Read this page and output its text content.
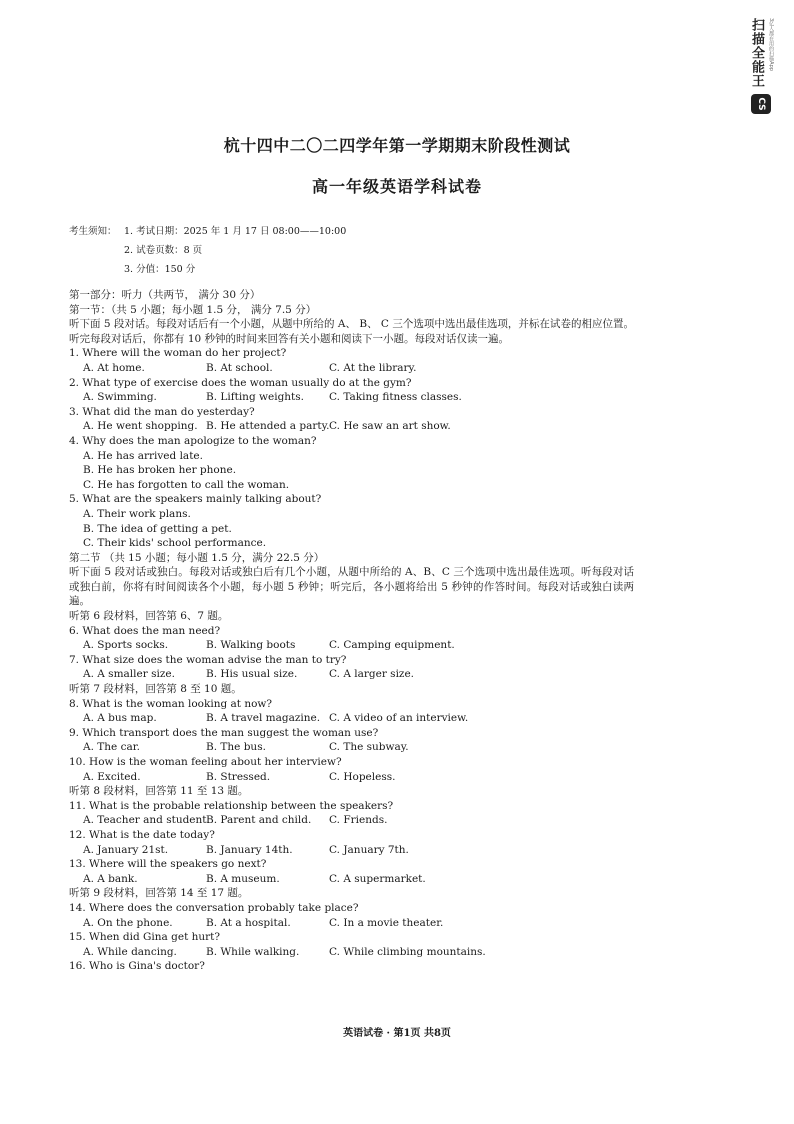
扫描全能王 3亿人都在用的扫描App
CS
杭十四中二〇二四学年第一学期期末阶段性测试
高一年级英语学科试卷
考生须知： 1. 考试日期：2025 年 1 月 17 日 08:00——10:00
2. 试卷页数：8 页
3. 分值：150 分
第一部分：听力（共两节， 满分 30 分）
第一节：（共 5 小题；每小题 1.5 分， 满分 7.5 分）
听下面 5 段对话。每段对话后有一个小题，从题中所给的 A、 B、 C 三个选项中选出最佳选项，并标在试卷的相应位置。听完每段对话后，你都有 10 秒钟的时间来回答有关小题和阅读下一小题。每段对话仅读一遍。
1. Where will the woman do her project?
A. At home.	B. At school.	C. At the library.
2. What type of exercise does the woman usually do at the gym?
A. Swimming.	B. Lifting weights.	C. Taking fitness classes.
3. What did the man do yesterday?
A. He went shopping. B. He attended a party. C. He saw an art show.
4. Why does the man apologize to the woman?
A. He has arrived late.
B. He has broken her phone.
C. He has forgotten to call the woman.
5. What are the speakers mainly talking about?
A. Their work plans.
B. The idea of getting a pet.
C. Their kids' school performance.
第二节 （共 15 小题；每小题 1.5 分，满分 22.5 分）
听下面 5 段对话或独白。每段对话或独白后有几个小题，从题中所给的 A、B、C 三个选项中选出最佳选项。听每段对话或独白前，你将有时间阅读各个小题，每小题 5 秒钟；听完后，各小题将给出 5 秒钟的作答时间。每段对话或独白读两遍。
听第 6 段材料，回答第 6、7 题。
6. What does the man need?
A. Sports socks.	B. Walking boots	C. Camping equipment.
7. What size does the woman advise the man to try?
A. A smaller size.	B. His usual size.	C. A larger size.
听第 7 段材料，回答第 8 至 10 题。
8. What is the woman looking at now?
A. A bus map.	B. A travel magazine. C. A video of an interview.
9. Which transport does the man suggest the woman use?
A. The car.	B. The bus.	C. The subway.
10. How is the woman feeling about her interview?
A. Excited.	B. Stressed.	C. Hopeless.
听第 8 段材料，回答第 11 至 13 题。
11. What is the probable relationship between the speakers?
A. Teacher and student.
B. Parent and child.	C. Friends.
12. What is the date today?
A. January 21st.	B. January 14th.	C. January 7th.
13. Where will the speakers go next?
A. A bank.	B. A museum.	C. A supermarket.
听第 9 段材料，回答第 14 至 17 题。
14. Where does the conversation probably take place?
A. On the phone.	B. At a hospital.	C. In a movie theater.
15. When did Gina get hurt?
A. While dancing.	B. While walking.	C. While climbing mountains.
16. Who is Gina's doctor?
英语试卷 · 第1页 共8页
